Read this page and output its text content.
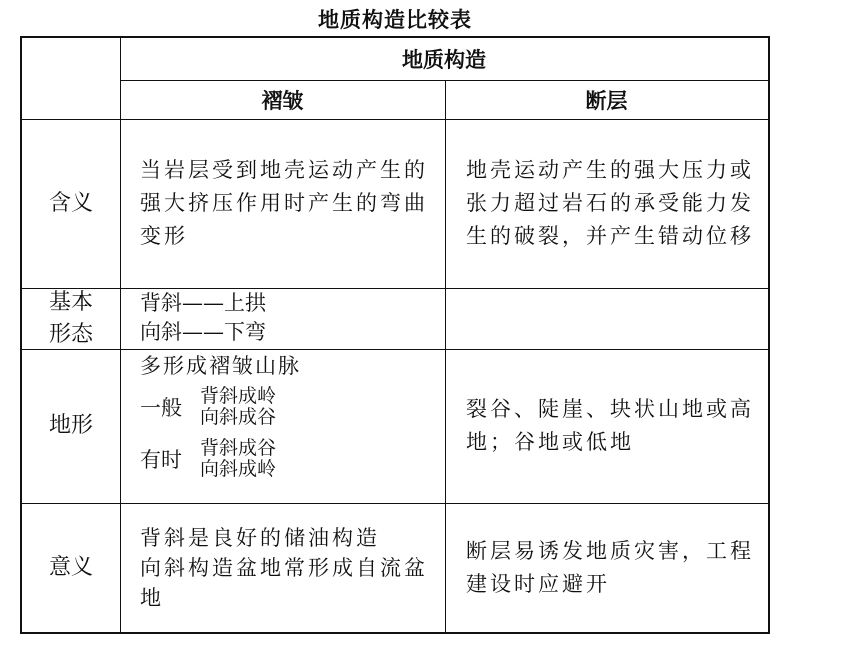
地质构造比较表
地质构造
褶皱	断层
含义
当岩层受到地壳运动产生的强大挤压作用时产生的弯曲变形
地壳运动产生的强大压力或张力超过岩石的承受能力发生的破裂，并产生错动位移
基本
形态
背斜——上拱
向斜——下弯
地形
多形成褶皱山脉
一般 背斜成岭
向斜成谷
有时 背斜成谷
向斜成岭
裂谷、陡崖、块状山地或高地；谷地或低地
意义
背斜是良好的储油构造
向斜构造盆地常形成自流盆地
断层易诱发地质灾害，工程建设时应避开
